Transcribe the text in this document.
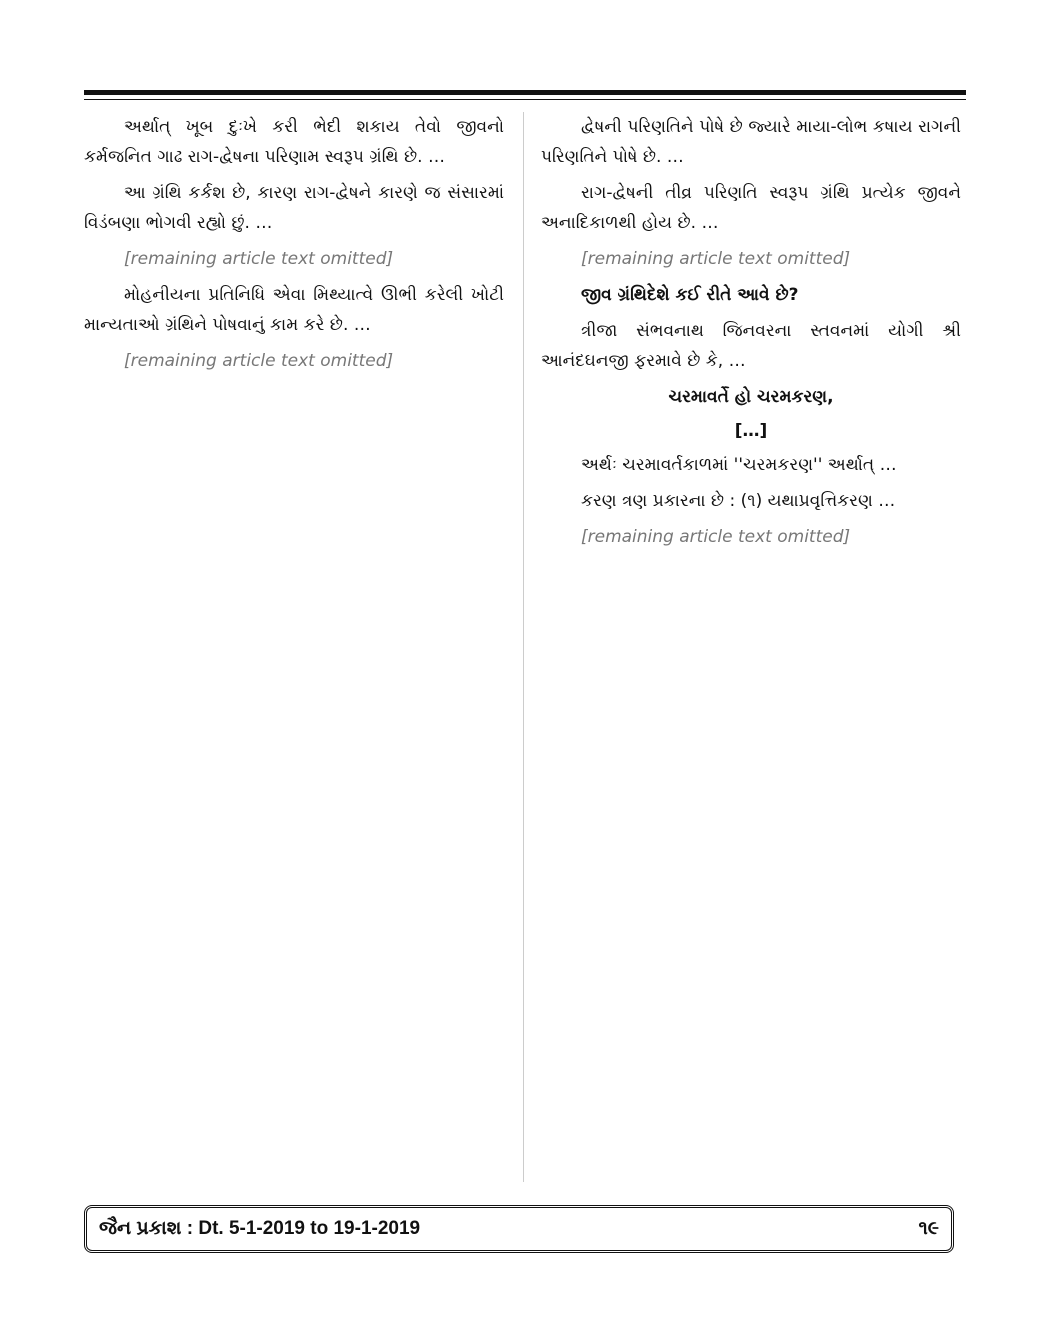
અર્થાત્ ખૂબ દુઃખે કરી ભેદી શકાય તેવો જીવનો કર્મજનિત ગાઢ રાગ-દ્વેષના પરિણામ સ્વરૂપ ગ્રંથિ છે. …

આ ગ્રંથિ કર્કશ છે, કારણ રાગ-દ્વેષને કારણે જ સંસારમાં વિડંબણા ભોગવી રહ્યો છું. …

[remaining article text omitted]

મોહનીયના પ્રતિનિધિ એવા મિથ્યાત્વે ઊભી કરેલી ખોટી માન્યતાઓ ગ્રંથિને પોષવાનું કામ કરે છે. …

[remaining article text omitted]

દ્વેષની પરિણતિને પોષે છે જ્યારે માયા-લોભ કષાય રાગની પરિણતિને પોષે છે. …

રાગ-દ્વેષની તીવ્ર પરિણતિ સ્વરૂપ ગ્રંથિ પ્રત્યેક જીવને અનાદિકાળથી હોય છે. …

[remaining article text omitted]

જીવ ગ્રંથિદેશે કઈ રીતે આવે છે?

ત્રીજા સંભવનાથ જિનવરના સ્તવનમાં યોગી શ્રી આનંદઘનજી ફરમાવે છે કે, …

ચરમાવર્તે હો ચરમકરણ,

[…]

અર્થઃ ચરમાવર્તકાળમાં ''ચરમકરણ'' અર્થાત્ …

કરણ ત્રણ પ્રકારના છે : (૧) યથાપ્રવૃત્તિકરણ …

[remaining article text omitted]

જૈન પ્રકાશ : Dt. 5-1-2019 to 19-1-2019	૧૯
